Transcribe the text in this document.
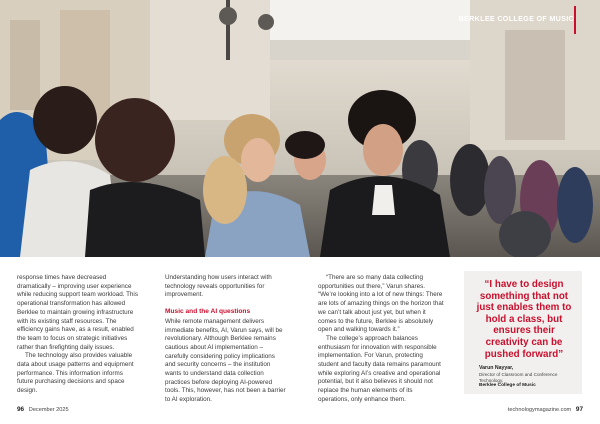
BERKLEE COLLEGE OF MUSIC

response times have decreased dramatically – improving user experience while reducing support team workload. This operational transformation has allowed Berklee to maintain growing infrastructure with its existing staff resources. The efficiency gains have, as a result, enabled the team to focus on strategic initiatives rather than firefighting daily issues.

The technology also provides valuable data about usage patterns and equipment performance. This information informs future purchasing decisions and space design.

Understanding how users interact with technology reveals opportunities for improvement.

Music and the AI questions

While remote management delivers immediate benefits, AI, Varun says, will be revolutionary. Although Berklee remains cautious about AI implementation – carefully considering policy implications and security concerns – the institution wants to understand data collection practices before deploying AI-powered tools. This, however, has not been a barrier to AI exploration.

“There are so many data collecting opportunities out there,” Varun shares. “We’re looking into a lot of new things: There are lots of amazing things on the horizon that we can’t talk about just yet, but when it comes to the future, Berklee is absolutely open and walking towards it.”

The college’s approach balances enthusiasm for innovation with responsible implementation. For Varun, protecting student and faculty data remains paramount while exploring AI’s creative and operational potential, but it also believes it should not replace the human elements of its operations, only enhance them.

“I have to design something that not just enables them to hold a class, but ensures their creativity can be pushed forward”
Varun Nayyar,
Director of Classroom and Conference Technology,
Berklee College of Music
96 December 2025	technologymagazine.com 97
